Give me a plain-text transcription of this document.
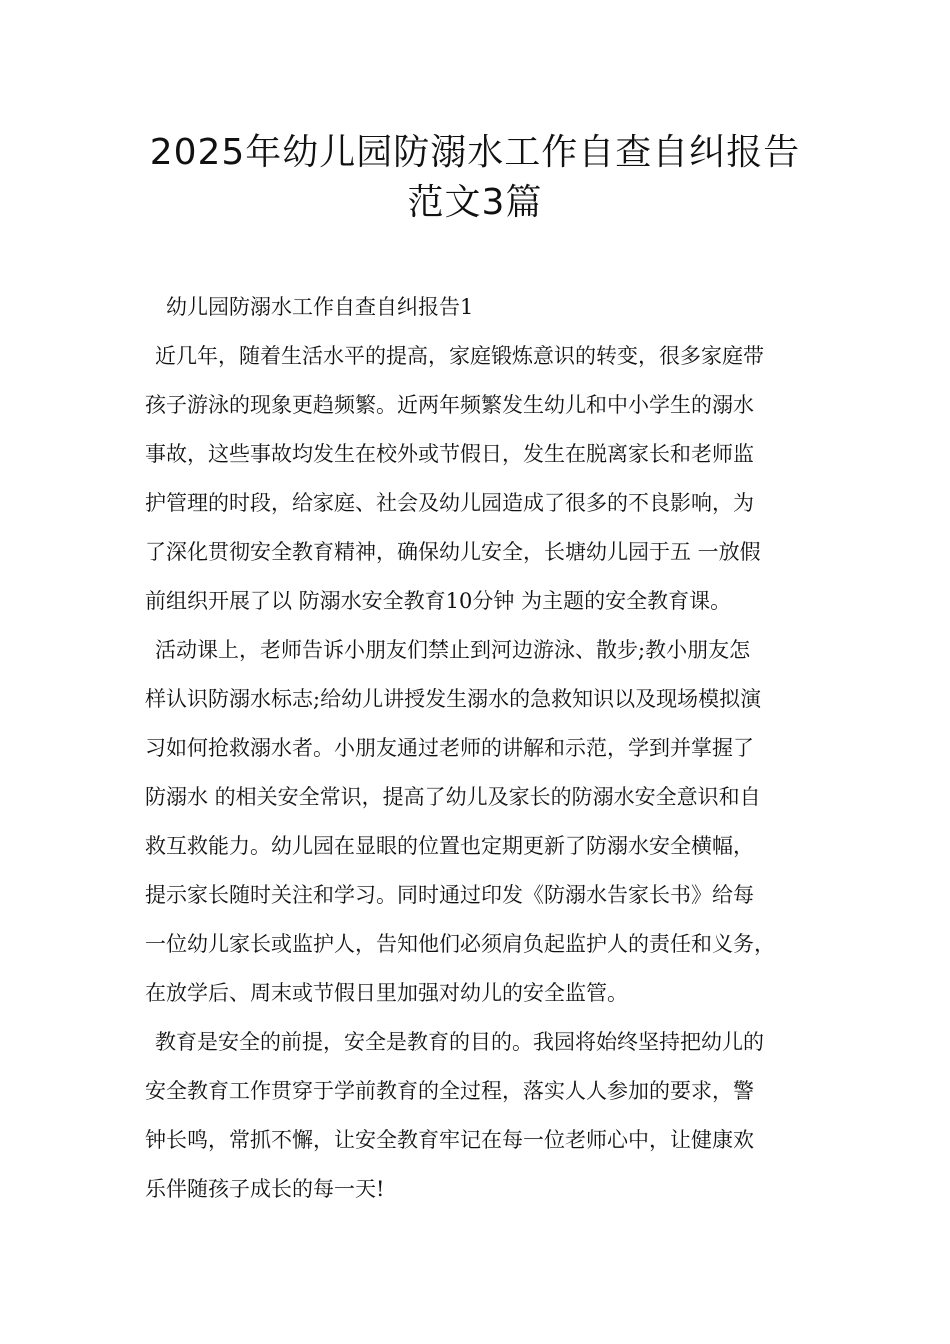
2025年幼儿园防溺水工作自查自纠报告
范文3篇

幼儿园防溺水工作自查自纠报告1

近几年，随着生活水平的提高，家庭锻炼意识的转变，很多家庭带

孩子游泳的现象更趋频繁。近两年频繁发生幼儿和中小学生的溺水

事故，这些事故均发生在校外或节假日，发生在脱离家长和老师监

护管理的时段，给家庭、社会及幼儿园造成了很多的不良影响，为

了深化贯彻安全教育精神，确保幼儿安全，长塘幼儿园于五 一放假

前组织开展了以 防溺水安全教育10分钟 为主题的安全教育课。

活动课上，老师告诉小朋友们禁止到河边游泳、散步;教小朋友怎

样认识防溺水标志;给幼儿讲授发生溺水的急救知识以及现场模拟演

习如何抢救溺水者。小朋友通过老师的讲解和示范，学到并掌握了

防溺水 的相关安全常识，提高了幼儿及家长的防溺水安全意识和自

救互救能力。幼儿园在显眼的位置也定期更新了防溺水安全横幅，

提示家长随时关注和学习。同时通过印发《防溺水告家长书》给每

一位幼儿家长或监护人，告知他们必须肩负起监护人的责任和义务，

在放学后、周末或节假日里加强对幼儿的安全监管。

教育是安全的前提，安全是教育的目的。我园将始终坚持把幼儿的

安全教育工作贯穿于学前教育的全过程，落实人人参加的要求，警

钟长鸣，常抓不懈，让安全教育牢记在每一位老师心中，让健康欢

乐伴随孩子成长的每一天!
